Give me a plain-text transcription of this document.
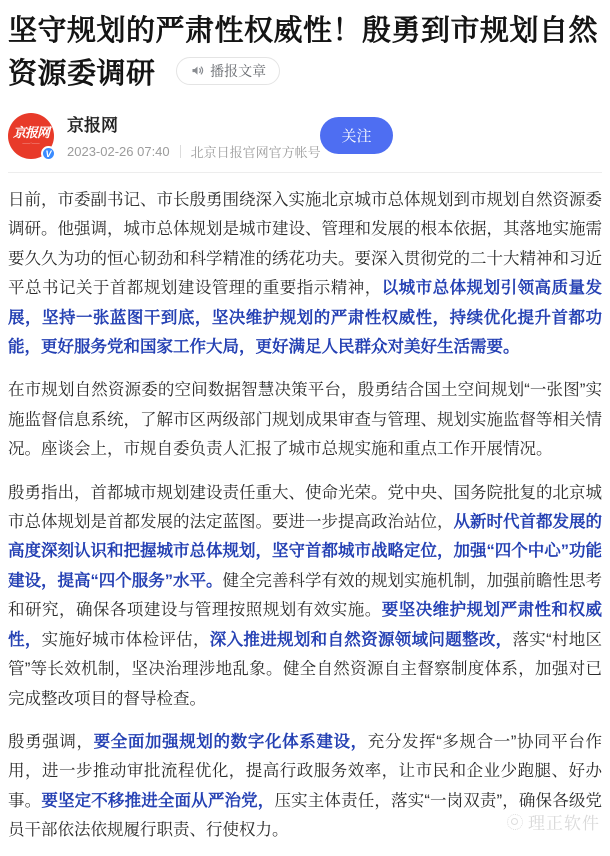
坚守规划的严肃性权威性！殷勇到市规划自然资源委调研	播报文章
京报网
——·——
V
京报网
2023-02-26 07:40 北京日报官网官方帐号
关注

日前，市委副书记、市长殷勇围绕深入实施北京城市总体规划到市规划自然资源委调研。他强调，城市总体规划是城市建设、管理和发展的根本依据，其落地实施需要久久为功的恒心韧劲和科学精准的绣花功夫。要深入贯彻党的二十大精神和习近平总书记关于首都规划建设管理的重要指示精神，以城市总体规划引领高质量发展，坚持一张蓝图干到底，坚决维护规划的严肃性权威性，持续优化提升首都功能，更好服务党和国家工作大局，更好满足人民群众对美好生活需要。

在市规划自然资源委的空间数据智慧决策平台，殷勇结合国土空间规划“一张图”实施监督信息系统，了解市区两级部门规划成果审查与管理、规划实施监督等相关情况。座谈会上，市规自委负责人汇报了城市总规实施和重点工作开展情况。

殷勇指出，首都城市规划建设责任重大、使命光荣。党中央、国务院批复的北京城市总体规划是首都发展的法定蓝图。要进一步提高政治站位，从新时代首都发展的高度深刻认识和把握城市总体规划，坚守首都城市战略定位，加强“四个中心”功能建设，提高“四个服务”水平。健全完善科学有效的规划实施机制，加强前瞻性思考和研究，确保各项建设与管理按照规划有效实施。要坚决维护规划严肃性和权威性，实施好城市体检评估，深入推进规划和自然资源领域问题整改，落实“村地区管”等长效机制，坚决治理涉地乱象。健全自然资源自主督察制度体系，加强对已完成整改项目的督导检查。

殷勇强调，要全面加强规划的数字化体系建设，充分发挥“多规合一”协同平台作用，进一步推动审批流程优化，提高行政服务效率，让市民和企业少跑腿、好办事。要坚定不移推进全面从严治党，压实主体责任，落实“一岗双责”，确保各级党员干部依法依规履行职责、行使权力。	理正软件
